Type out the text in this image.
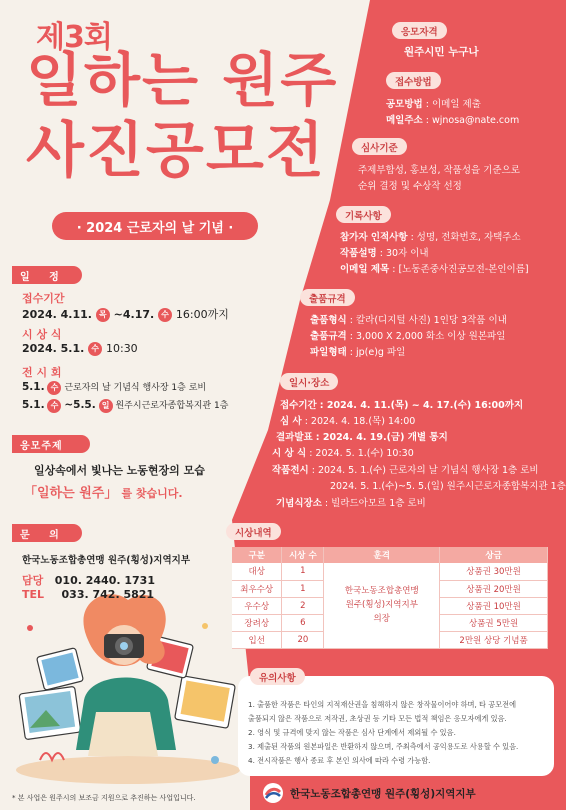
제3회
일하는 원주
사진공모전
· 2024 근로자의 날 기념 ·
일 정
접수기간
2024. 4.11. 목 ~4.17. 수 16:00까지
시 상 식
2024. 5.1. 수 10:30
전 시 회
5.1. 수 근로자의 날 기념식 행사장 1층 로비
5.1. 수 ~5.5. 일 원주시근로자종합복지관 1층
응모주제
일상속에서 빛나는 노동현장의 모습
「일하는 원주」 를 찾습니다.
문 의
한국노동조합총연맹 원주(횡성)지역지부
담당 010. 2440. 1731
TEL 033. 742. 5821
응모자격
원주시민 누구나
접수방법
공모방법 : 이메일 제출
메일주소 : wjnosa@nate.com
심사기준
주제부합성, 홍보성, 작품성을 기준으로
순위 결정 및 수상작 선정
기록사항
참가자 인적사항 : 성명, 전화번호, 자택주소
작품설명 : 30자 이내
이메일 제목 : [노동존중사진공모전-본인이름]
출품규격
출품형식 : 칼라(디지털 사진) 1인당 3작품 이내
출품규격 : 3,000 X 2,000 화소 이상 원본파일
파일형태 : jp(e)g 파일
일시·장소
접수기간 : 2024. 4. 11.(목) ~ 4. 17.(수) 16:00까지
심 사 : 2024. 4. 18.(목) 14:00
결과발표 : 2024. 4. 19.(금) 개별 통지
시 상 식 : 2024. 5. 1.(수) 10:30
작품전시 : 2024. 5. 1.(수) 근로자의 날 기념식 행사장 1층 로비
2024. 5. 1.(수)~5. 5.(일) 원주시근로자종합복지관 1층
기념식장소 : 빌라드아모르 1층 로비
시상내역
구분	시상 수	훈격	상금
대상	1	한국노동조합총연맹
원주(횡성)지역지부
의장	상품권 30만원
최우수상	1		상품권 20만원
우수상	2		상품권 10만원
장려상	6		상품권 5만원
입선	20		2만원 상당 기념품
유의사항
1. 출품한 작품은 타인의 지적재산권을 침해하지 않은 창작물이어야 하며, 타 공모전에
출품되지 않은 작품으로 저작권, 초상권 등 기타 모든 법적 책임은 응모자에게 있음.
2. 영식 및 규격에 맞지 않는 작품은 심사 단계에서 제외될 수 있음.
3. 제출된 작품의 원본파일은 반환하지 않으며, 주최측에서 공익용도로 사용할 수 있음.
4. 전시작품은 행사 종료 후 본인 의사에 따라 수령 가능함.
* 본 사업은 원주시의 보조금 지원으로 추진하는 사업입니다.	한국노동조합총연맹 원주(횡성)지역지부
